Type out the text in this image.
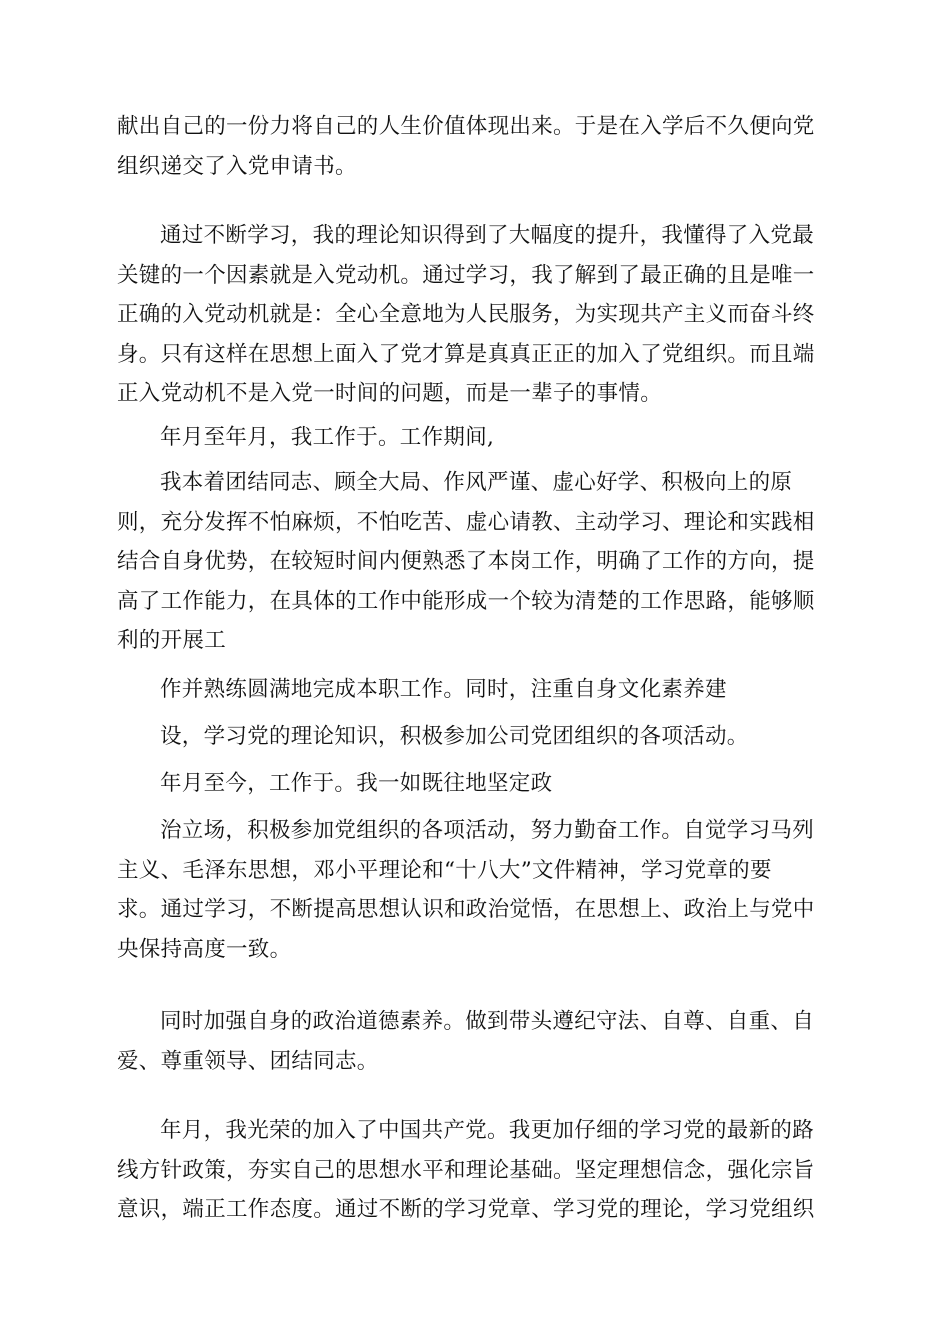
献出自己的一份力将自己的人生价值体现出来。于是在入学后不久便向党
组织递交了入党申请书。
通过不断学习，我的理论知识得到了大幅度的提升，我懂得了入党最
关键的一个因素就是入党动机。通过学习，我了解到了最正确的且是唯一
正确的入党动机就是：全心全意地为人民服务，为实现共产主义而奋斗终
身。只有这样在思想上面入了党才算是真真正正的加入了党组织。而且端
正入党动机不是入党一时间的问题，而是一辈子的事情。
年月至年月，我工作于。工作期间,
我本着团结同志、顾全大局、作风严谨、虚心好学、积极向上的原
则，充分发挥不怕麻烦，不怕吃苦、虚心请教、主动学习、理论和实践相
结合自身优势，在较短时间内便熟悉了本岗工作，明确了工作的方向，提
高了工作能力，在具体的工作中能形成一个较为清楚的工作思路，能够顺
利的开展工
作并熟练圆满地完成本职工作。同时，注重自身文化素养建
设，学习党的理论知识，积极参加公司党团组织的各项活动。
年月至今，工作于。我一如既往地坚定政
治立场，积极参加党组织的各项活动，努力勤奋工作。自觉学习马列
主义、毛泽东思想，邓小平理论和“十八大”文件精神，学习党章的要
求。通过学习，不断提高思想认识和政治觉悟，在思想上、政治上与党中
央保持高度一致。
同时加强自身的政治道德素养。做到带头遵纪守法、自尊、自重、自
爱、尊重领导、团结同志。
年月，我光荣的加入了中国共产党。我更加仔细的学习党的最新的路
线方针政策，夯实自己的思想水平和理论基础。坚定理想信念，强化宗旨
意识，端正工作态度。通过不断的学习党章、学习党的理论，学习党组织
